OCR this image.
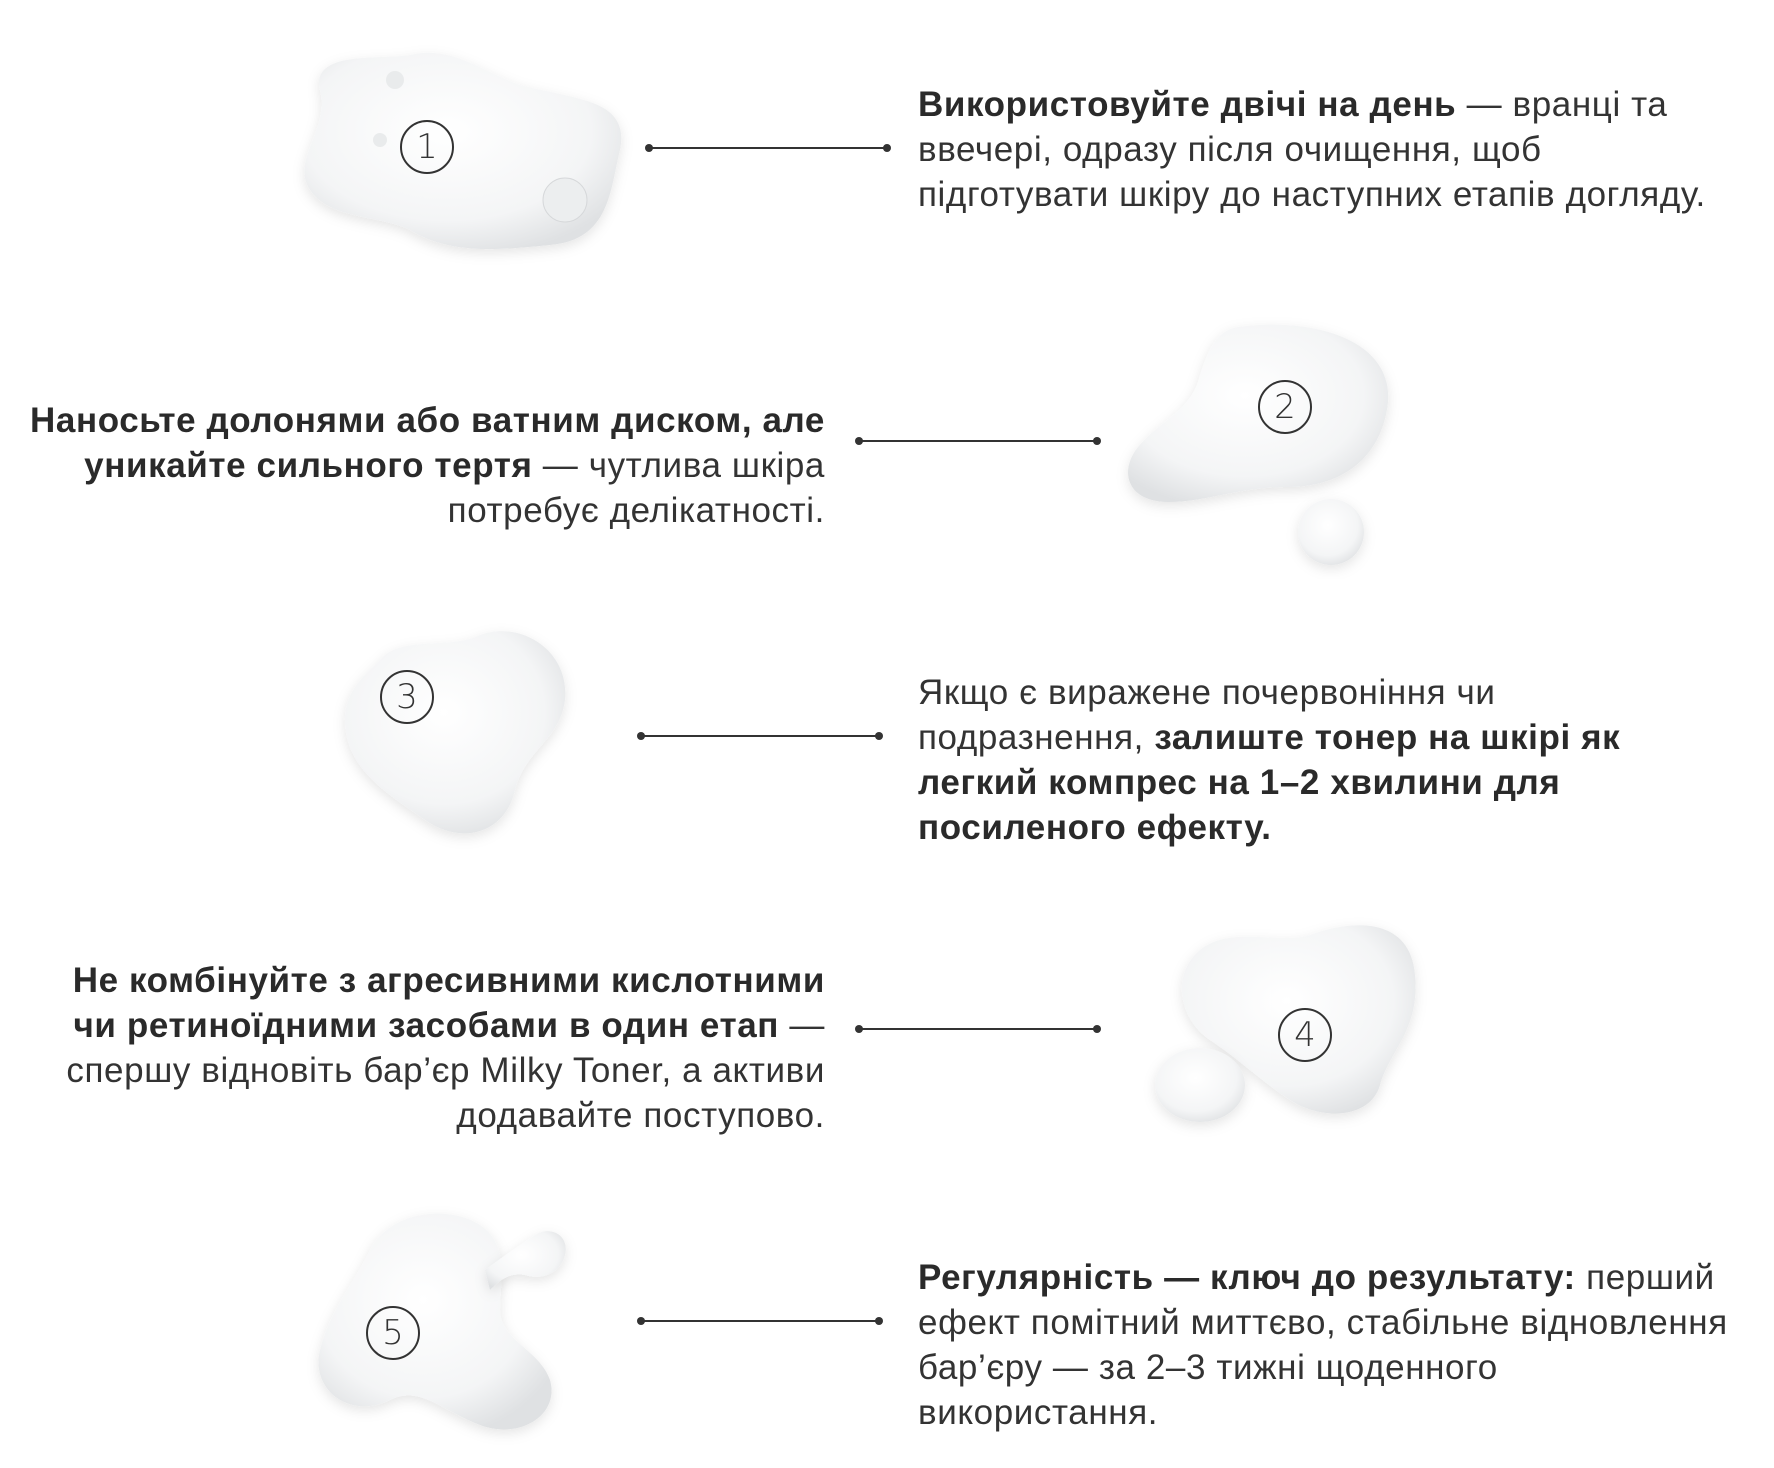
1
Використовуйте двічі на день — вранці та ввечері, одразу після очищення, щоб підготувати шкіру до наступних етапів догляду.
2
Наносьте долонями або ватним диском, але уникайте сильного тертя — чутлива шкіра потребує делікатності.
3	Якщо є виражене почервоніння чи подразнення, залиште тонер на шкірі як легкий компрес на 1–2 хвилини для посиленого ефекту.
4
Не комбінуйте з агресивними кислотними чи ретиноїдними засобами в один етап — спершу відновіть бар’єр Milky Toner, а активи додавайте поступово.
5
Регулярність — ключ до результату: перший ефект помітний миттєво, стабільне відновлення бар’єру — за 2–3 тижні щоденного використання.
